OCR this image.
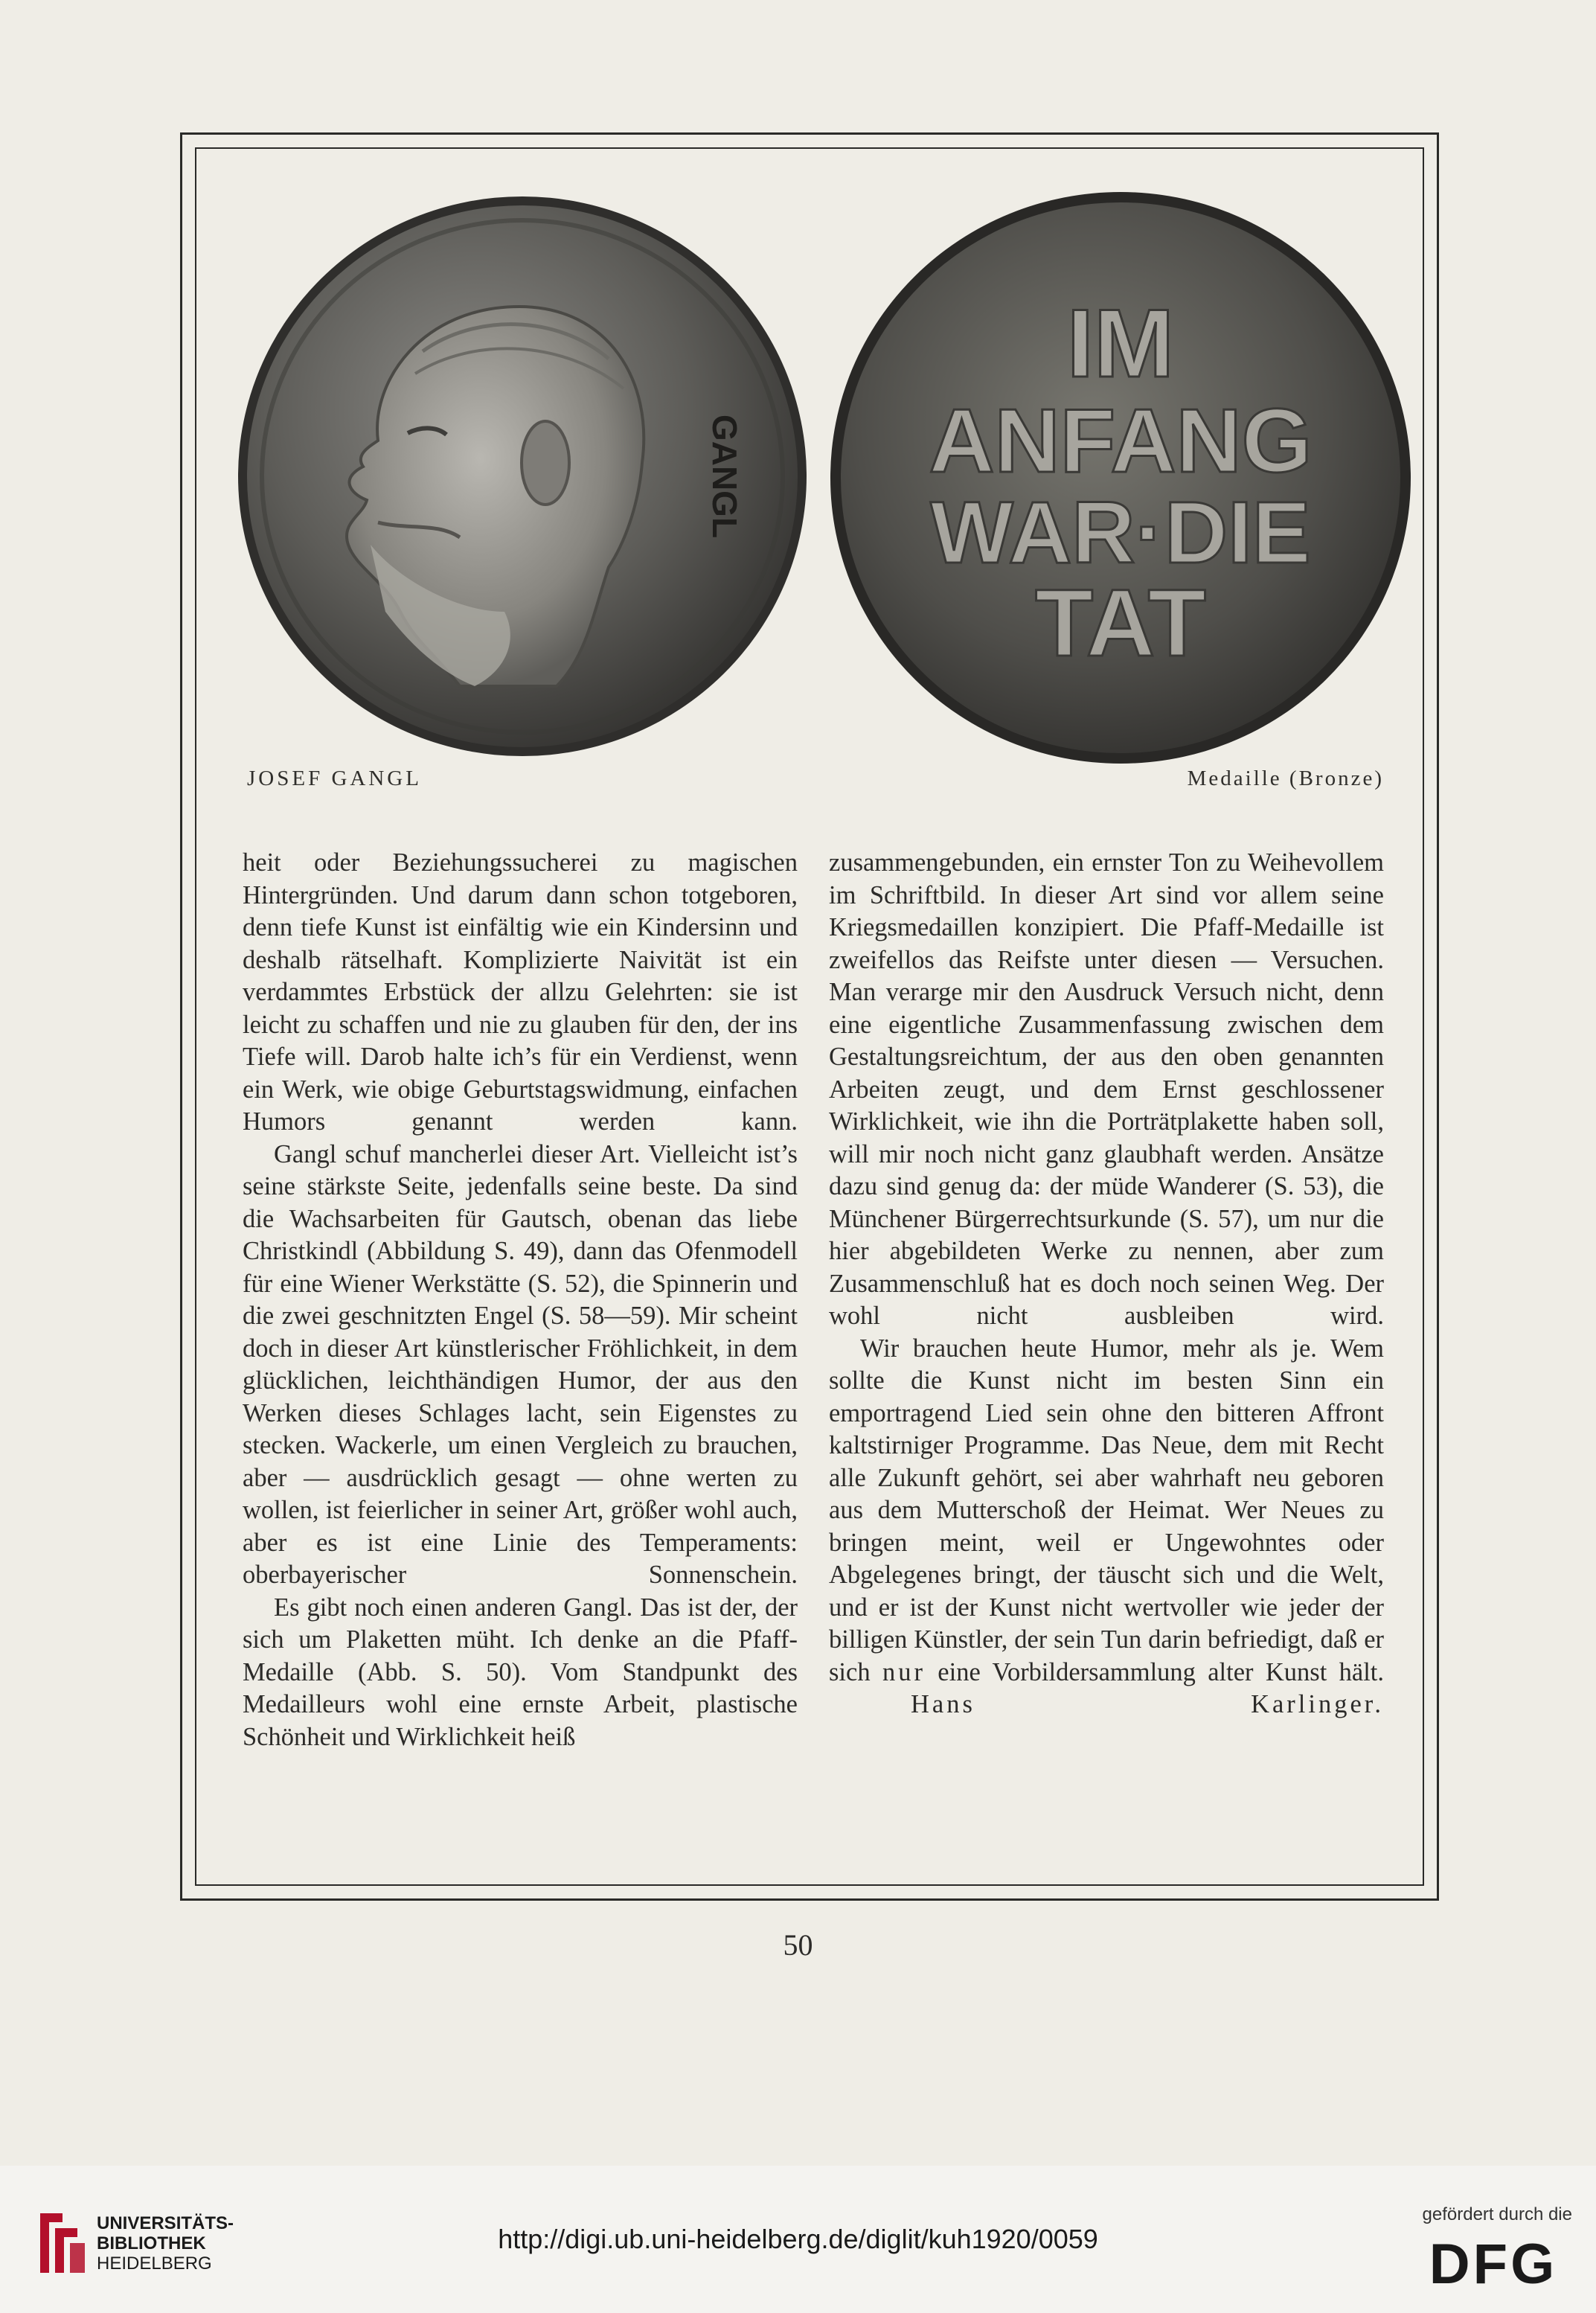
GANGL
IM
ANFANG
WAR·DIE
TAT
JOSEF GANGL	Medaille (Bronze)

heit oder Beziehungssucherei zu magischen Hintergründen. Und darum dann schon totgeboren, denn tiefe Kunst ist einfältig wie ein Kindersinn und deshalb rätselhaft. Komplizierte Naivität ist ein verdammtes Erbstück der allzu Gelehrten: sie ist leicht zu schaffen und nie zu glauben für den, der ins Tiefe will. Darob halte ich’s für ein Verdienst, wenn ein Werk, wie obige Geburtstagswidmung, einfachen Humors genannt werden kann.

Gangl schuf mancherlei dieser Art. Vielleicht ist’s seine stärkste Seite, jedenfalls seine beste. Da sind die Wachsarbeiten für Gautsch, obenan das liebe Christkindl (Abbildung S. 49), dann das Ofenmodell für eine Wiener Werkstätte (S. 52), die Spinnerin und die zwei geschnitzten Engel (S. 58—59). Mir scheint doch in dieser Art künstlerischer Fröhlichkeit, in dem glücklichen, leichthändigen Humor, der aus den Werken dieses Schlages lacht, sein Eigenstes zu stecken. Wackerle, um einen Vergleich zu brauchen, aber — ausdrücklich gesagt — ohne werten zu wollen, ist feierlicher in seiner Art, größer wohl auch, aber es ist eine Linie des Temperaments: oberbayerischer Sonnenschein.

Es gibt noch einen anderen Gangl. Das ist der, der sich um Plaketten müht. Ich denke an die Pfaff-Medaille (Abb. S. 50). Vom Standpunkt des Medailleurs wohl eine ernste Arbeit, plastische Schönheit und Wirklichkeit heiß

zusammengebunden, ein ernster Ton zu Weihevollem im Schriftbild. In dieser Art sind vor allem seine Kriegsmedaillen konzipiert. Die Pfaff-Medaille ist zweifellos das Reifste unter diesen — Versuchen. Man verarge mir den Ausdruck Versuch nicht, denn eine eigentliche Zusammenfassung zwischen dem Gestaltungsreichtum, der aus den oben genannten Arbeiten zeugt, und dem Ernst geschlossener Wirklichkeit, wie ihn die Porträtplakette haben soll, will mir noch nicht ganz glaubhaft werden. Ansätze dazu sind genug da: der müde Wanderer (S. 53), die Münchener Bürgerrechtsurkunde (S. 57), um nur die hier abgebildeten Werke zu nennen, aber zum Zusammenschluß hat es doch noch seinen Weg. Der wohl nicht ausbleiben wird.

Wir brauchen heute Humor, mehr als je. Wem sollte die Kunst nicht im besten Sinn ein emportragend Lied sein ohne den bitteren Affront kaltstirniger Programme. Das Neue, dem mit Recht alle Zukunft gehört, sei aber wahrhaft neu geboren aus dem Mutterschoß der Heimat. Wer Neues zu bringen meint, weil er Ungewohntes oder Abgelegenes bringt, der täuscht sich und die Welt, und er ist der Kunst nicht wertvoller wie jeder der billigen Künstler, der sein Tun darin befriedigt, daß er sich nur eine Vorbildersammlung alter Kunst hält. Hans Karlinger.

50
UNIVERSITÄTS-
BIBLIOTHEK
HEIDELBERG
http://digi.ub.uni-heidelberg.de/diglit/kuh1920/0059
gefördert durch die
DFG
